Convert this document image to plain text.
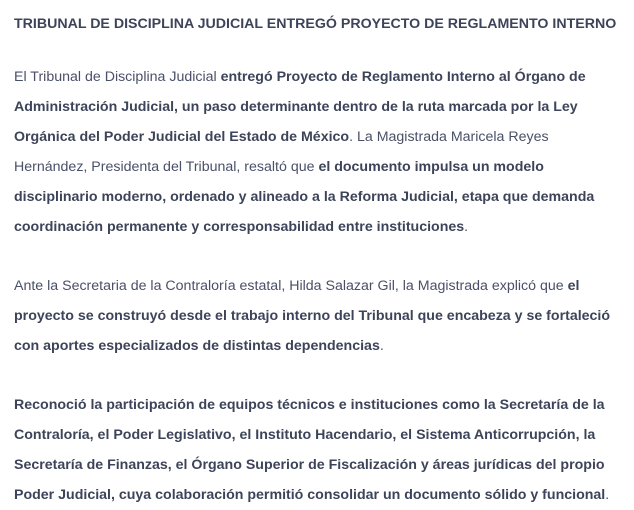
TRIBUNAL DE DISCIPLINA JUDICIAL ENTREGÓ PROYECTO DE REGLAMENTO INTERNO

El Tribunal de Disciplina Judicial entregó Proyecto de Reglamento Interno al Órgano de Administración Judicial, un paso determinante dentro de la ruta marcada por la Ley Orgánica del Poder Judicial del Estado de México. La Magistrada Maricela Reyes Hernández, Presidenta del Tribunal, resaltó que el documento impulsa un modelo disciplinario moderno, ordenado y alineado a la Reforma Judicial, etapa que demanda coordinación permanente y corresponsabilidad entre instituciones.

Ante la Secretaria de la Contraloría estatal, Hilda Salazar Gil, la Magistrada explicó que el proyecto se construyó desde el trabajo interno del Tribunal que encabeza y se fortaleció con aportes especializados de distintas dependencias.

Reconoció la participación de equipos técnicos e instituciones como la Secretaría de la Contraloría, el Poder Legislativo, el Instituto Hacendario, el Sistema Anticorrupción, la Secretaría de Finanzas, el Órgano Superior de Fiscalización y áreas jurídicas del propio Poder Judicial, cuya colaboración permitió consolidar un documento sólido y funcional.
